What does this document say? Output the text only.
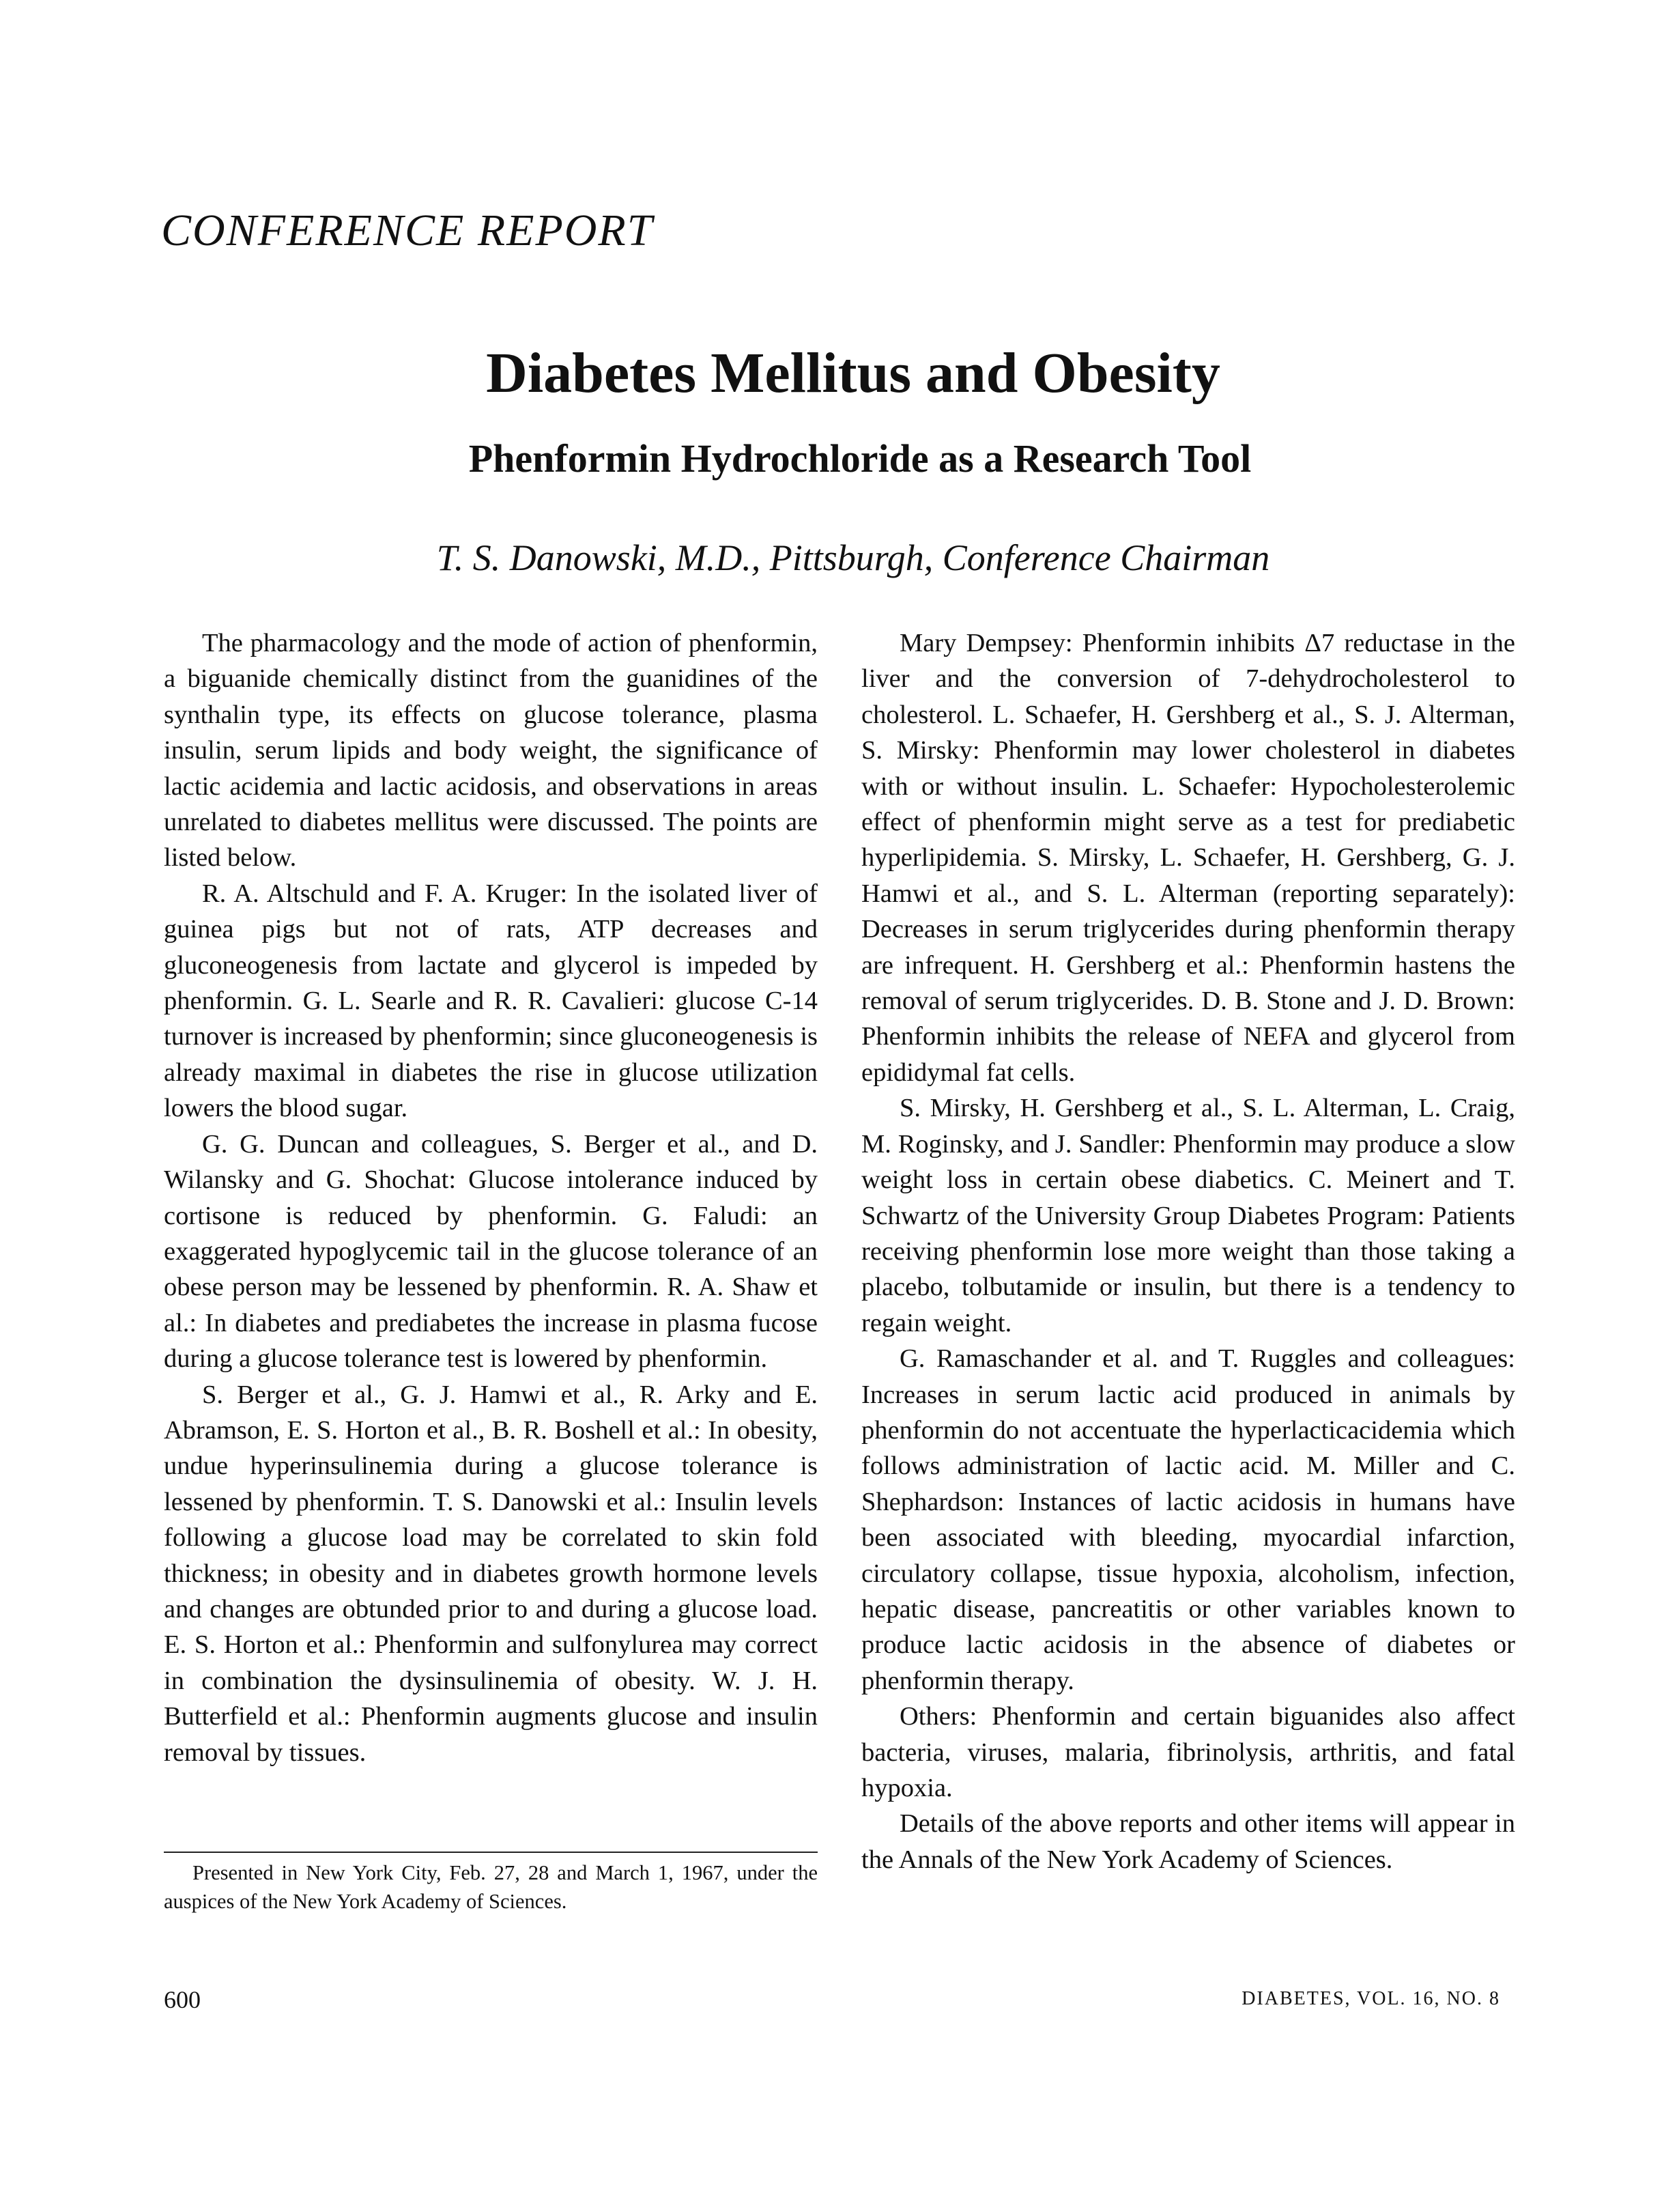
CONFERENCE REPORT
Diabetes Mellitus and Obesity
Phenformin Hydrochloride as a Research Tool
T. S. Danowski, M.D., Pittsburgh, Conference Chairman

The pharmacology and the mode of action of phenformin, a biguanide chemically distinct from the guanidines of the synthalin type, its effects on glucose tolerance, plasma insulin, serum lipids and body weight, the significance of lactic acidemia and lactic acidosis, and observations in areas unrelated to diabetes mellitus were discussed. The points are listed below.

R. A. Altschuld and F. A. Kruger: In the isolated liver of guinea pigs but not of rats, ATP decreases and gluconeogenesis from lactate and glycerol is impeded by phenformin. G. L. Searle and R. R. Cavalieri: glucose C-14 turnover is increased by phenformin; since gluconeogenesis is already maximal in diabetes the rise in glucose utilization lowers the blood sugar.

G. G. Duncan and colleagues, S. Berger et al., and D. Wilansky and G. Shochat: Glucose intolerance induced by cortisone is reduced by phenformin. G. Faludi: an exaggerated hypoglycemic tail in the glucose tolerance of an obese person may be lessened by phenformin. R. A. Shaw et al.: In diabetes and prediabetes the increase in plasma fucose during a glucose tolerance test is lowered by phenformin.

S. Berger et al., G. J. Hamwi et al., R. Arky and E. Abramson, E. S. Horton et al., B. R. Boshell et al.: In obesity, undue hyperinsulinemia during a glucose tolerance is lessened by phenformin. T. S. Danowski et al.: Insulin levels following a glucose load may be correlated to skin fold thickness; in obesity and in diabetes growth hormone levels and changes are obtunded prior to and during a glucose load. E. S. Horton et al.: Phenformin and sulfonylurea may correct in combination the dysinsulinemia of obesity. W. J. H. Butterfield et al.: Phenformin augments glucose and insulin removal by tissues.

Mary Dempsey: Phenformin inhibits Δ7 reductase in the liver and the conversion of 7-dehydrocholesterol to cholesterol. L. Schaefer, H. Gershberg et al., S. J. Alterman, S. Mirsky: Phenformin may lower cholesterol in diabetes with or without insulin. L. Schaefer: Hypocholesterolemic effect of phenformin might serve as a test for prediabetic hyperlipidemia. S. Mirsky, L. Schaefer, H. Gershberg, G. J. Hamwi et al., and S. L. Alterman (reporting separately): Decreases in serum triglycerides during phenformin therapy are infrequent. H. Gershberg et al.: Phenformin hastens the removal of serum triglycerides. D. B. Stone and J. D. Brown: Phenformin inhibits the release of NEFA and glycerol from epididymal fat cells.

S. Mirsky, H. Gershberg et al., S. L. Alterman, L. Craig, M. Roginsky, and J. Sandler: Phenformin may produce a slow weight loss in certain obese diabetics. C. Meinert and T. Schwartz of the University Group Diabetes Program: Patients receiving phenformin lose more weight than those taking a placebo, tolbutamide or insulin, but there is a tendency to regain weight.

G. Ramaschander et al. and T. Ruggles and colleagues: Increases in serum lactic acid produced in animals by phenformin do not accentuate the hyperlacticacidemia which follows administration of lactic acid. M. Miller and C. Shephardson: Instances of lactic acidosis in humans have been associated with bleeding, myocardial infarction, circulatory collapse, tissue hypoxia, alcoholism, infection, hepatic disease, pancreatitis or other variables known to produce lactic acidosis in the absence of diabetes or phenformin therapy.

Others: Phenformin and certain biguanides also affect bacteria, viruses, malaria, fibrinolysis, arthritis, and fatal hypoxia.

Details of the above reports and other items will appear in the Annals of the New York Academy of Sciences.

Presented in New York City, Feb. 27, 28 and March 1, 1967, under the auspices of the New York Academy of Sciences.

600	DIABETES, VOL. 16, NO. 8
